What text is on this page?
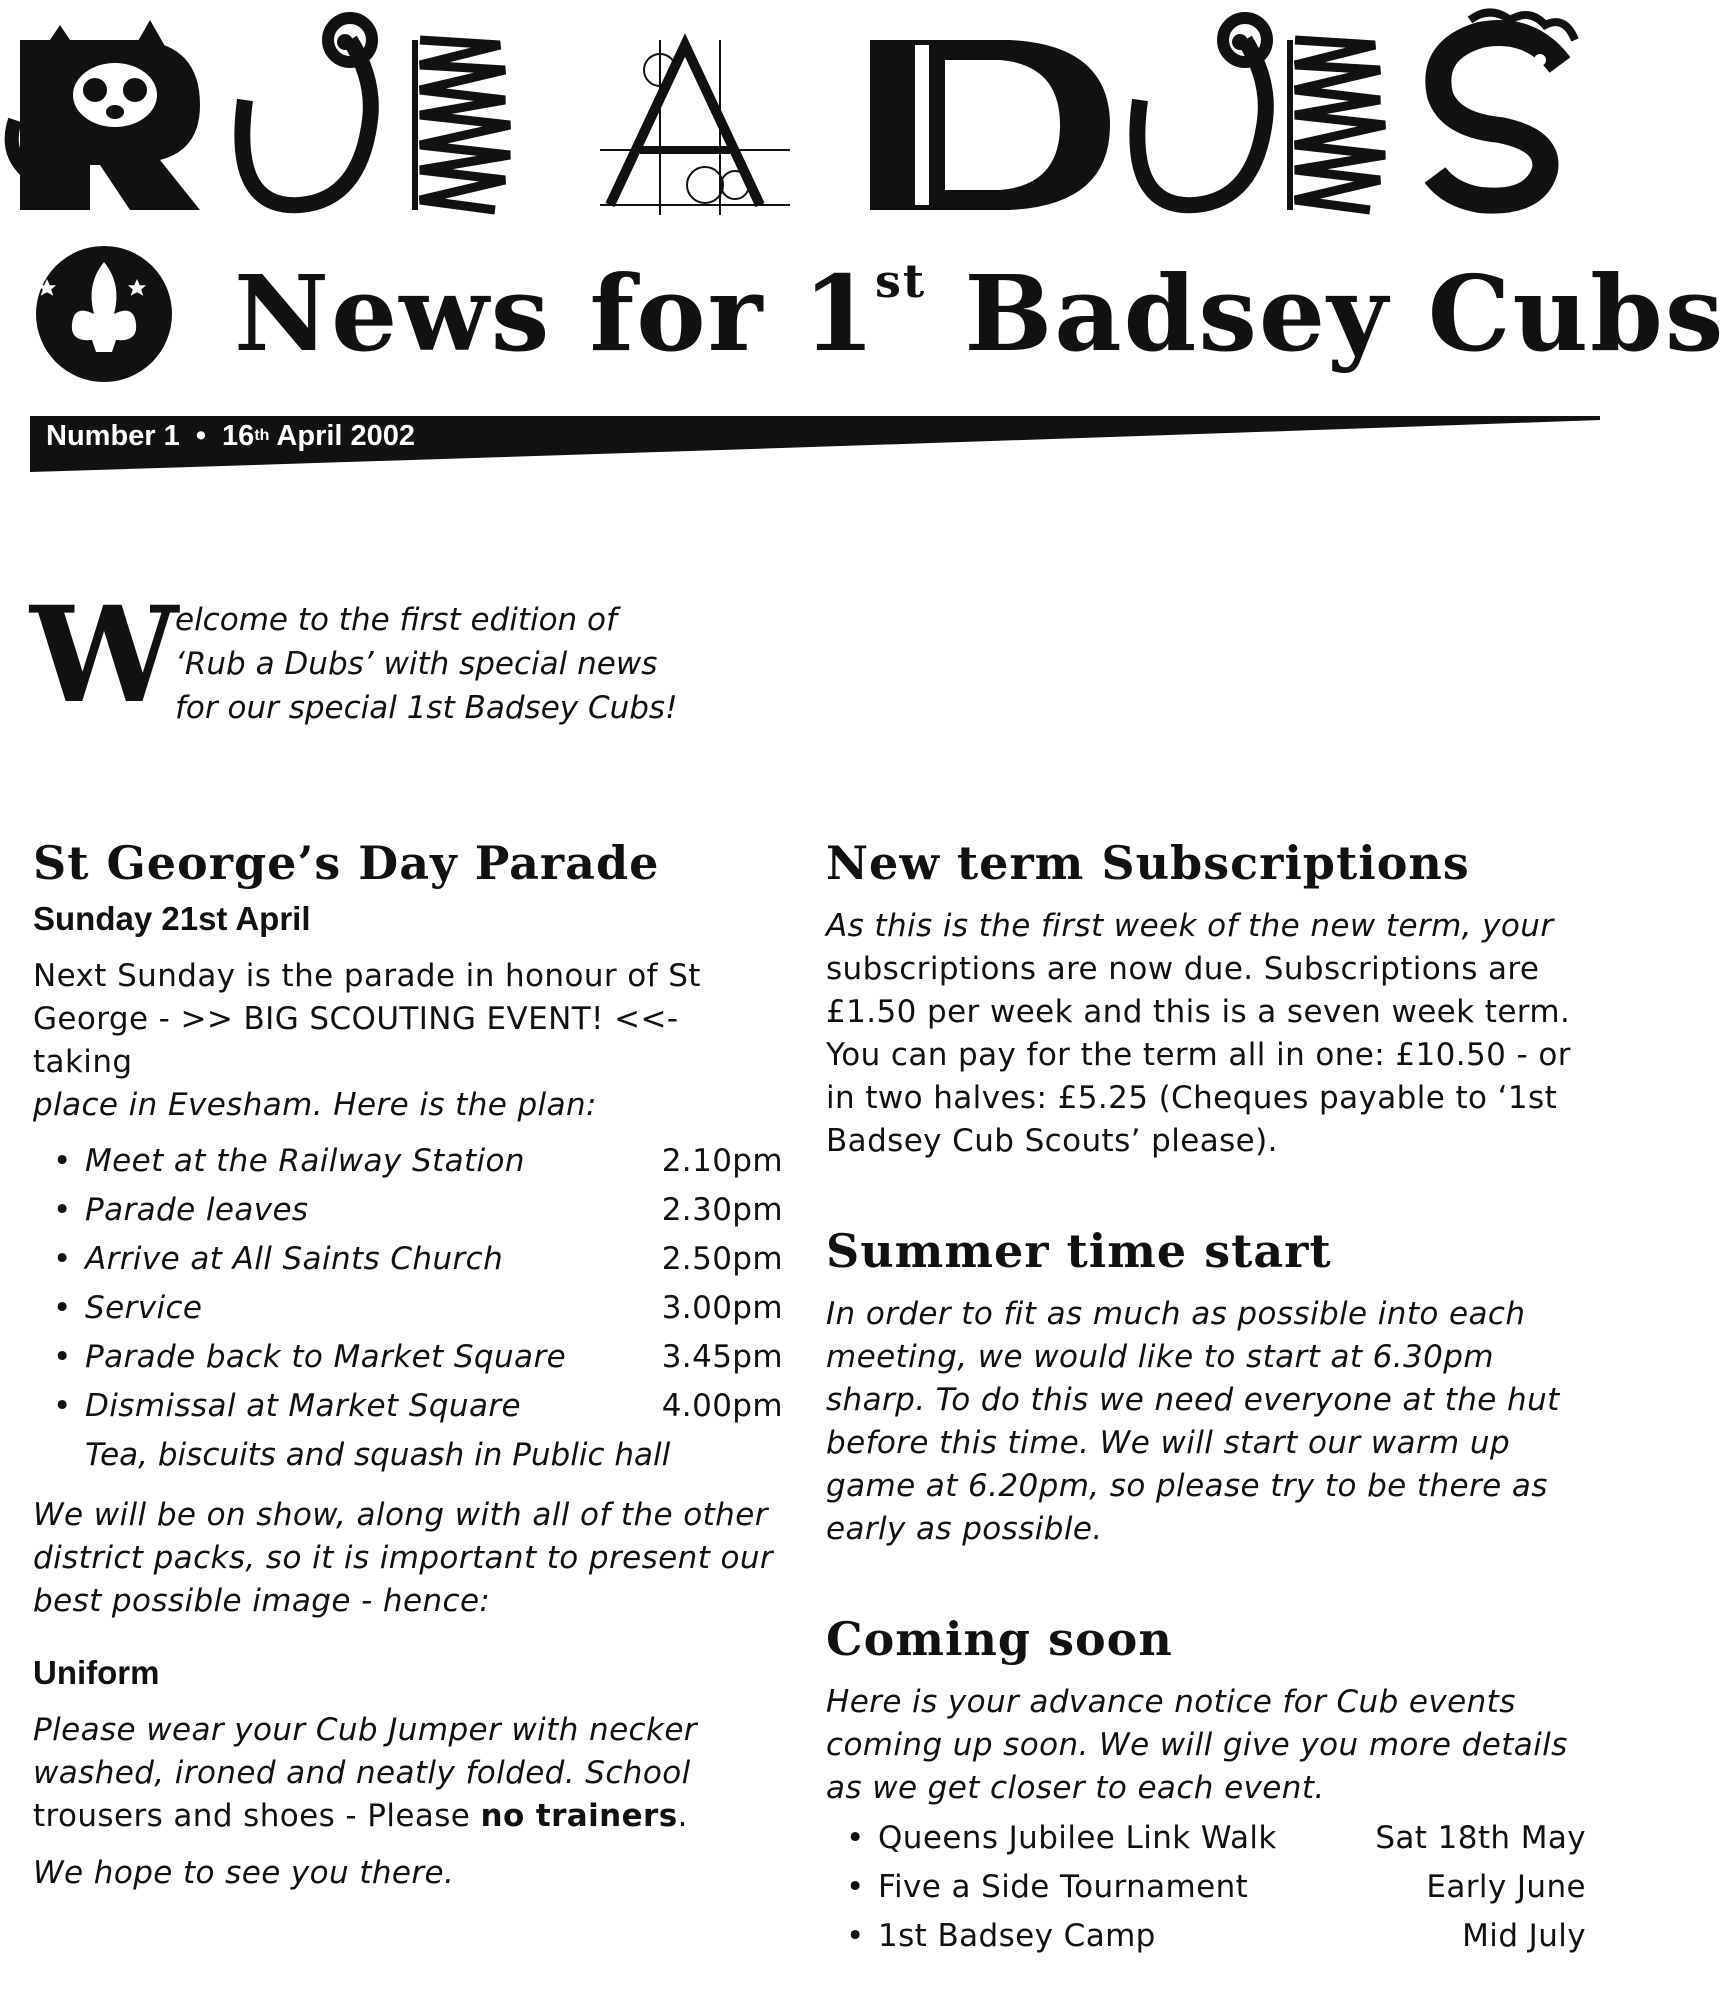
News for 1st Badsey Cubs
Number 1 • 16th April 2002
W
elcome to the first edition of
‘Rub a Dubs’ with special news
for our special 1st Badsey Cubs!
St George’s Day Parade
Sunday 21st April

Next Sunday is the parade in honour of St
George - >> BIG SCOUTING EVENT! <<- taking
place in Evesham. Here is the plan:

• Meet at the Railway Station	2.10pm
• Parade leaves	2.30pm
• Arrive at All Saints Church	2.50pm
• Service	3.00pm
• Parade back to Market Square	3.45pm
• Dismissal at Market Square	4.00pm
Tea, biscuits and squash in Public hall

We will be on show, along with all of the other
district packs, so it is important to present our
best possible image - hence:

Uniform

Please wear your Cub Jumper with necker
washed, ironed and neatly folded. School
trousers and shoes - Please no trainers.

We hope to see you there.

New term Subscriptions

As this is the first week of the new term, your
subscriptions are now due. Subscriptions are
£1.50 per week and this is a seven week term.
You can pay for the term all in one: £10.50 - or
in two halves: £5.25 (Cheques payable to ‘1st
Badsey Cub Scouts’ please).

Summer time start

In order to fit as much as possible into each
meeting, we would like to start at 6.30pm
sharp. To do this we need everyone at the hut
before this time. We will start our warm up
game at 6.20pm, so please try to be there as
early as possible.

Coming soon

Here is your advance notice for Cub events
coming up soon. We will give you more details
as we get closer to each event.

• Queens Jubilee Link Walk	Sat 18th May
• Five a Side Tournament	Early June
• 1st Badsey Camp	Mid July
